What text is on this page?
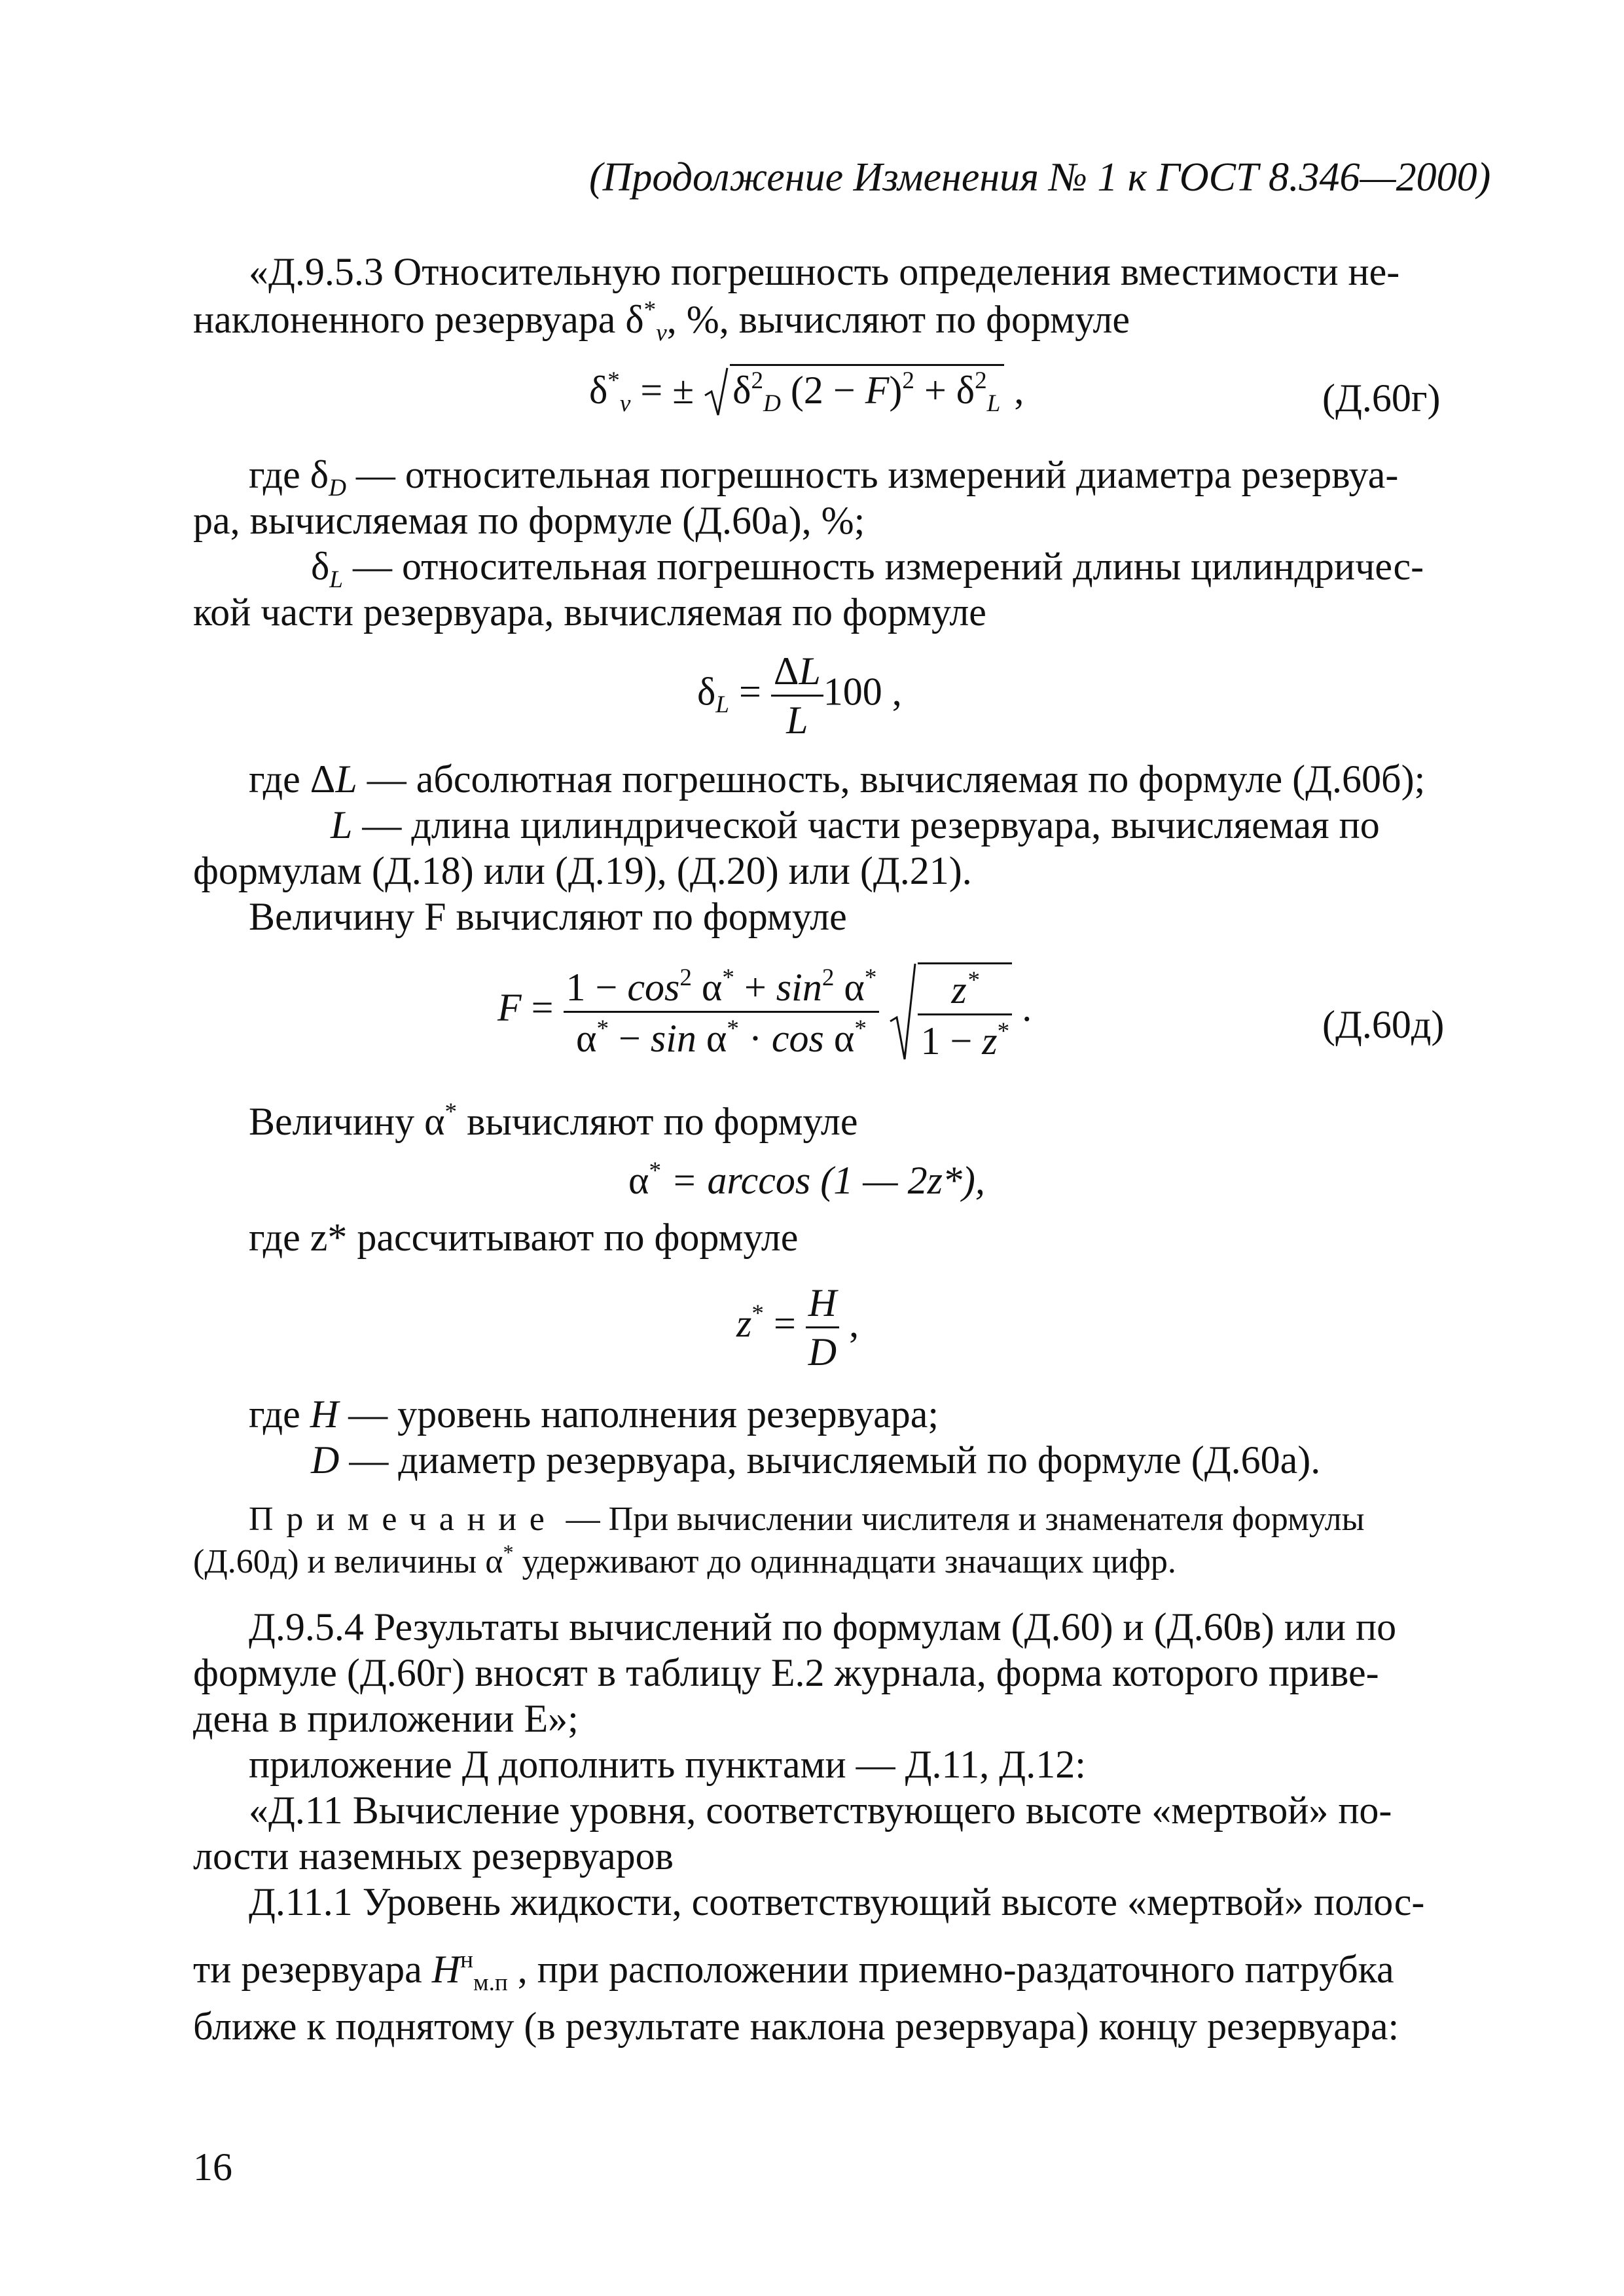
(Продолжение Изменения № 1 к ГОСТ 8.346—2000)
«Д.9.5.3 Относительную погрешность определения вместимости не-
наклоненного резервуара $\delta^*_v$, %, вычисляют по формуле
$\delta^*_v$ = ± $\delta^2_D$ $(2 - F)^2 + \delta^2_L$ ,	(Д.60г)
где $\delta_D$ — относительная погрешность измерений диаметра резервуа-
ра, вычисляемая по формуле (Д.60а), %;
$\delta_L$ — относительная погрешность измерений длины цилиндричес-
кой части резервуара, вычисляемая по формуле
$\delta_L = \frac{\Delta L}{L} 100$ ,
где ΔL — абсолютная погрешность, вычисляемая по формуле (Д.60б);
L — длина цилиндрической части резервуара, вычисляемая по
формулам (Д.18) или (Д.19), (Д.20) или (Д.21).
Величину F вычисляют по формуле
$F = \frac{1 - \cos^2 \alpha^* + \sin^2 \alpha^*}{\alpha^* - \sin \alpha^* \cdot \cos \alpha^*}$
$\frac{z^*}{1 - z^*}$ .	(Д.60д)
Величину α* вычисляют по формуле
α* = arccos (1 — 2z*),
где z* рассчитывают по формуле
$z^* = \frac{H}{D}$ ,
где H — уровень наполнения резервуара;
D — диаметр резервуара, вычисляемый по формуле (Д.60а).
Примечание — При вычислении числителя и знаменателя формулы
(Д.60д) и величины α* удерживают до одиннадцати значащих цифр.
Д.9.5.4 Результаты вычислений по формулам (Д.60) и (Д.60в) или по
формуле (Д.60г) вносят в таблицу Е.2 журнала, форма которого приве-
дена в приложении Е»;
приложение Д дополнить пунктами — Д.11, Д.12:
«Д.11 Вычисление уровня, соответствующего высоте «мертвой» по-
лости наземных резервуаров
Д.11.1 Уровень жидкости, соответствующий высоте «мертвой» полос-
ти резервуара $H^н_{м.п}$ , при расположении приемно-раздаточного патрубка
ближе к поднятому (в результате наклона резервуара) концу резервуара:
16
